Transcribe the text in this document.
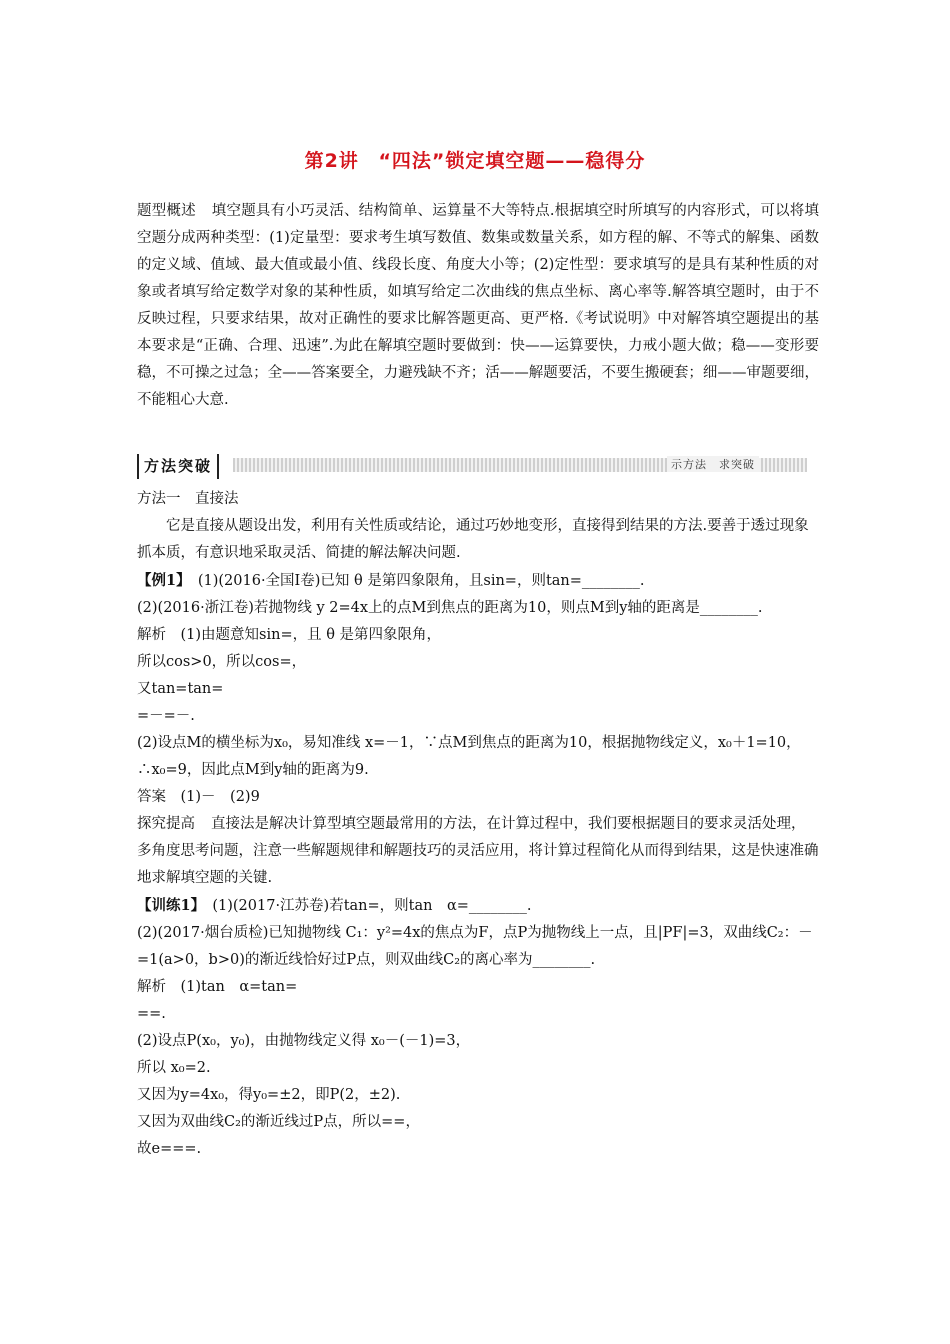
第2讲 “四法”锁定填空题——稳得分
题型概述 填空题具有小巧灵活、结构简单、运算量不大等特点.根据填空时所填写的内容形式，可以将填空题分成两种类型：(1)定量型：要求考生填写数值、数集或数量关系，如方程的解、不等式的解集、函数的定义域、值域、最大值或最小值、线段长度、角度大小等；(2)定性型：要求填写的是具有某种性质的对象或者填写给定数学对象的某种性质，如填写给定二次曲线的焦点坐标、离心率等.解答填空题时，由于不反映过程，只要求结果，故对正确性的要求比解答题更高、更严格.《考试说明》中对解答填空题提出的基本要求是“正确、合理、迅速”.为此在解填空题时要做到：快——运算要快，力戒小题大做；稳——变形要稳，不可操之过急；全——答案要全，力避残缺不齐；活——解题要活，不要生搬硬套；细——审题要细，不能粗心大意.
方法突破	示方法　求突破

方法一　直接法

它是直接从题设出发，利用有关性质或结论，通过巧妙地变形，直接得到结果的方法.要善于透过现象抓本质，有意识地采取灵活、简捷的解法解决问题.

【例1】　 (1)(2016·全国Ⅰ卷)已知 θ 是第四象限角，且sin=，则tan=________.

(2)(2016·浙江卷)若抛物线 y 2=4x上的点M到焦点的距离为10，则点M到y轴的距离是________.

解析　(1)由题意知sin=，且 θ 是第四象限角，

所以cos>0，所以cos=，

又tan=tan=

=－=－.

(2)设点M的横坐标为x₀，易知准线 x=－1，∵点M到焦点的距离为10，根据抛物线定义，x₀＋1=10，∴x₀=9，因此点M到y轴的距离为9.

答案　(1)－　(2)9

探究提高 直接法是解决计算型填空题最常用的方法，在计算过程中，我们要根据题目的要求灵活处理，多角度思考问题，注意一些解题规律和解题技巧的灵活应用，将计算过程简化从而得到结果，这是快速准确地求解填空题的关键.

【训练1】　 (1)(2017·江苏卷)若tan=，则tan　α=________.

(2)(2017·烟台质检)已知抛物线 C₁：y²=4x的焦点为F，点P为抛物线上一点，且|PF|=3，双曲线C₂：－=1(a>0，b>0)的渐近线恰好过P点，则双曲线C₂的离心率为________.

解析　(1)tan　α=tan=

==.

(2)设点P(x₀，y₀)，由抛物线定义得 x₀－(－1)=3，

所以 x₀=2.

又因为y=4x₀，得y₀=±2，即P(2，±2).

又因为双曲线C₂的渐近线过P点，所以==，

故e===.
